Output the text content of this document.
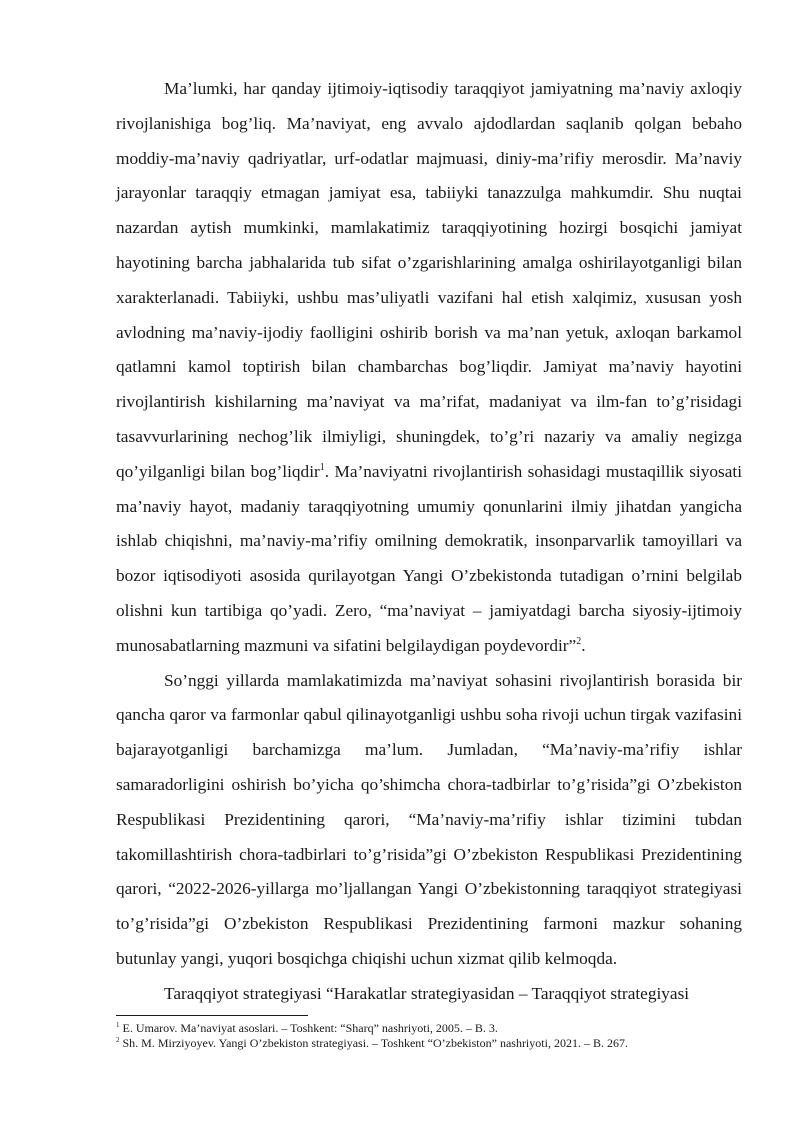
Ma’lumki, har qanday ijtimoiy-iqtisodiy taraqqiyot jamiyatning ma’naviy axloqiy rivojlanishiga bog’liq. Ma’naviyat, eng avvalo ajdodlardan saqlanib qolgan bebaho moddiy-ma’naviy qadriyatlar, urf-odatlar majmuasi, diniy-ma’rifiy merosdir. Ma’naviy jarayonlar taraqqiy etmagan jamiyat esa, tabiiyki tanazzulga mahkumdir. Shu nuqtai nazardan aytish mumkinki, mamlakatimiz taraqqiyotining hozirgi bosqichi jamiyat hayotining barcha jabhalarida tub sifat o’zgarishlarining amalga oshirilayotganligi bilan xarakterlanadi. Tabiiyki, ushbu mas’uliyatli vazifani hal etish xalqimiz, xususan yosh avlodning ma’naviy-ijodiy faolligini oshirib borish va ma’nan yetuk, axloqan barkamol qatlamni kamol toptirish bilan chambarchas bog’liqdir. Jamiyat ma’naviy hayotini rivojlantirish kishilarning ma’naviyat va ma’rifat, madaniyat va ilm-fan to’g’risidagi tasavvurlarining nechog’lik ilmiyligi, shuningdek, to’g’ri nazariy va amaliy negizga qo’yilganligi bilan bog’liqdir$^1$. Ma’naviyatni rivojlantirish sohasidagi mustaqillik siyosati ma’naviy hayot, madaniy taraqqiyotning umumiy qonunlarini ilmiy jihatdan yangicha ishlab chiqishni, ma’naviy-ma’rifiy omilning demokratik, insonparvarlik tamoyillari va bozor iqtisodiyoti asosida qurilayotgan Yangi O’zbekistonda tutadigan o’rnini belgilab olishni kun tartibiga qo’yadi. Zero, “ma’naviyat – jamiyatdagi barcha siyosiy-ijtimoiy munosabatlarning mazmuni va sifatini belgilaydigan poydevordir”$^2$.

So’nggi yillarda mamlakatimizda ma’naviyat sohasini rivojlantirish borasida bir qancha qaror va farmonlar qabul qilinayotganligi ushbu soha rivoji uchun tirgak vazifasini bajarayotganligi barchamizga ma’lum. Jumladan, “Ma’naviy-ma’rifiy ishlar samaradorligini oshirish bo’yicha qo’shimcha chora-tadbirlar to’g’risida”gi O’zbekiston Respublikasi Prezidentining qarori, “Ma’naviy-ma’rifiy ishlar tizimini tubdan takomillashtirish chora-tadbirlari to’g’risida”gi O’zbekiston Respublikasi Prezidentining qarori, “2022-2026-yillarga mo’ljallangan Yangi O’zbekistonning taraqqiyot strategiyasi to’g’risida”gi O’zbekiston Respublikasi Prezidentining farmoni mazkur sohaning butunlay yangi, yuqori bosqichga chiqishi uchun xizmat qilib kelmoqda.

Taraqqiyot strategiyasi “Harakatlar strategiyasidan – Taraqqiyot strategiyasi

$^1$ E. Umarov. Ma’naviyat asoslari. – Toshkent: “Sharq” nashriyoti, 2005. – B. 3.

$^2$ Sh. M. Mirziyoyev. Yangi O’zbekiston strategiyasi. – Toshkent “O’zbekiston” nashriyoti, 2021. – B. 267.
